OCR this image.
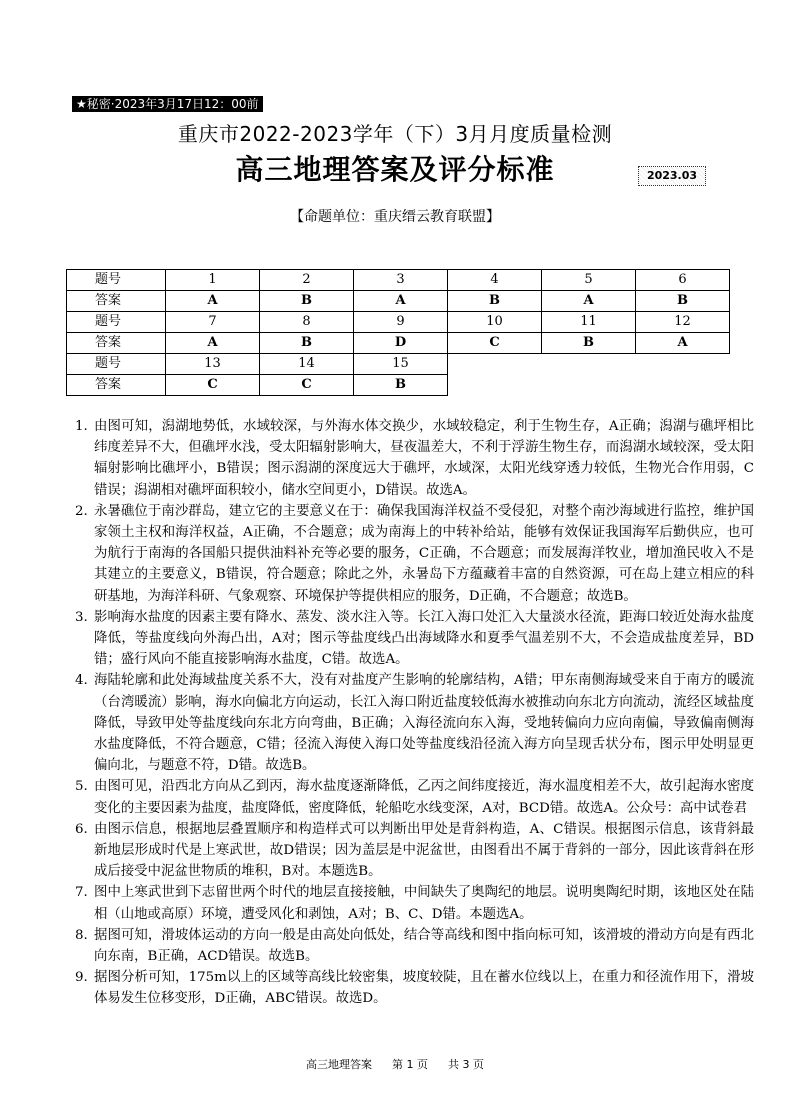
★秘密·2023年3月17日12：00前
重庆市2022-2023学年（下）3月月度质量检测
高三地理答案及评分标准	2023.03
【命题单位：重庆缙云教育联盟】
题号	1	2	3	4	5	6
答案	A	B	A	B	A	B
题号	7	8	9	10	11	12
答案	A	B	D	C	B	A
题号	13	14	15			
答案	C	C	B			
1. 由图可知，潟湖地势低，水域较深，与外海水体交换少，水域较稳定，利于生物生存，A正确；潟湖与礁坪相比纬度差异不大，但礁坪水浅，受太阳辐射影响大，昼夜温差大，不利于浮游生物生存，而潟湖水域较深，受太阳辐射影响比礁坪小，B错误；图示潟湖的深度远大于礁坪，水域深，太阳光线穿透力较低，生物光合作用弱，C错误；潟湖相对礁坪面积较小，储水空间更小，D错误。故选A。
2. 永暑礁位于南沙群岛，建立它的主要意义在于：确保我国海洋权益不受侵犯，对整个南沙海域进行监控，维护国家领土主权和海洋权益，A正确，不合题意；成为南海上的中转补给站，能够有效保证我国海军后勤供应，也可为航行于南海的各国船只提供油料补充等必要的服务，C正确，不合题意；而发展海洋牧业，增加渔民收入不是其建立的主要意义，B错误，符合题意；除此之外，永暑岛下方蕴藏着丰富的自然资源，可在岛上建立相应的科研基地，为海洋科研、气象观察、环境保护等提供相应的服务，D正确，不合题意；故选B。
3. 影响海水盐度的因素主要有降水、蒸发、淡水注入等。长江入海口处汇入大量淡水径流，距海口较近处海水盐度降低，等盐度线向外海凸出，A对；图示等盐度线凸出海域降水和夏季气温差别不大，不会造成盐度差异，BD错；盛行风向不能直接影响海水盐度，C错。故选A。
4. 海陆轮廓和此处海域盐度关系不大，没有对盐度产生影响的轮廓结构，A错；甲东南侧海域受来自于南方的暖流（台湾暖流）影响，海水向偏北方向运动，长江入海口附近盐度较低海水被推动向东北方向流动，流经区域盐度降低，导致甲处等盐度线向东北方向弯曲，B正确；入海径流向东入海，受地转偏向力应向南偏，导致偏南侧海水盐度降低，不符合题意，C错；径流入海使入海口处等盐度线沿径流入海方向呈现舌状分布，图示甲处明显更偏向北，与题意不符，D错。故选B。
5. 由图可见，沿西北方向从乙到丙，海水盐度逐渐降低，乙丙之间纬度接近，海水温度相差不大，故引起海水密度变化的主要因素为盐度，盐度降低，密度降低，轮船吃水线变深，A对，BCD错。故选A。公众号：高中试卷君
6. 由图示信息，根据地层叠置顺序和构造样式可以判断出甲处是背斜构造，A、C错误。根据图示信息，该背斜最新地层形成时代是上寒武世，故D错误；因为盖层是中泥盆世，由图看出不属于背斜的一部分，因此该背斜在形成后接受中泥盆世物质的堆积，B对。本题选B。
7. 图中上寒武世到下志留世两个时代的地层直接接触，中间缺失了奥陶纪的地层。说明奥陶纪时期，该地区处在陆相（山地或高原）环境，遭受风化和剥蚀，A对；B、C、D错。本题选A。
8. 据图可知，滑坡体运动的方向一般是由高处向低处，结合等高线和图中指向标可知，该滑坡的滑动方向是有西北向东南，B正确，ACD错误。故选B。
9. 据图分析可知，175m以上的区域等高线比较密集，坡度较陡，且在蓄水位线以上，在重力和径流作用下，滑坡体易发生位移变形，D正确，ABC错误。故选D。
高三地理答案 第 1 页 共 3 页
